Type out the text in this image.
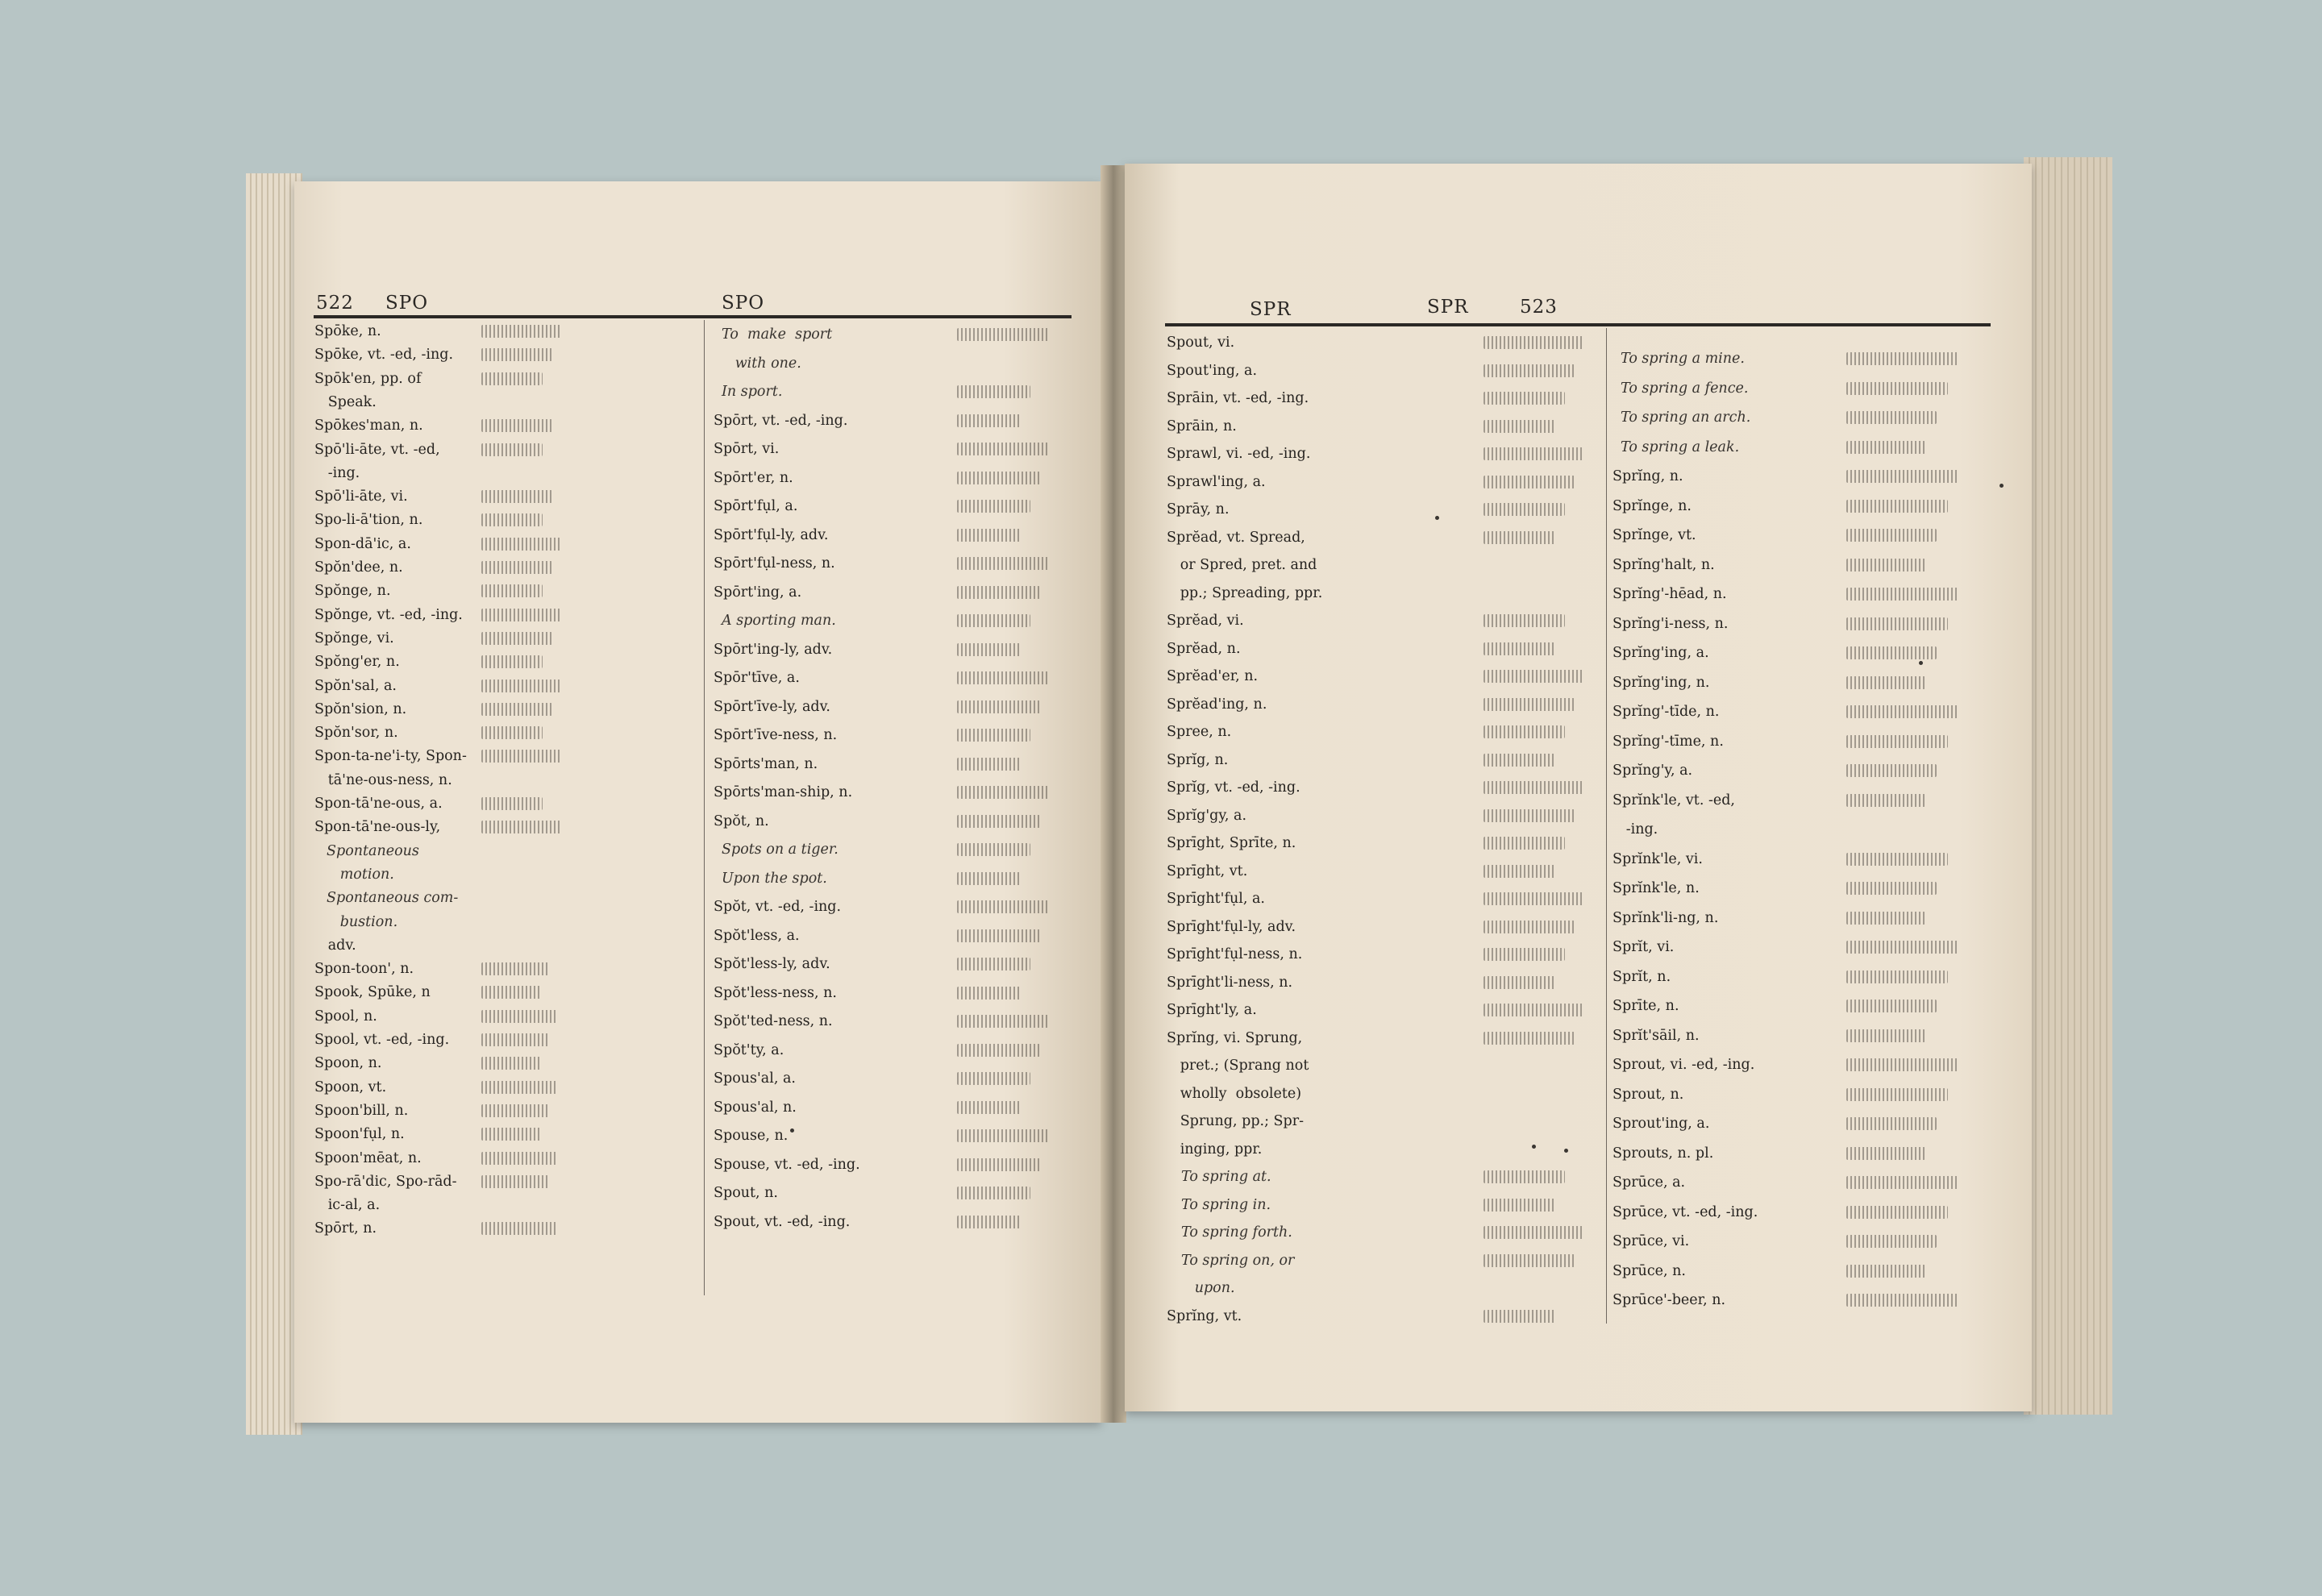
522 SPO	SPO
Spōke, n.
Spōke, vt. -ed, -ing.
Spōk'en, pp. of
Speak.
Spōkes'man, n.
Spō'li-āte, vt. -ed,
-ing.
Spō'li-āte, vi.
Spo-li-ā'tion, n.
Spon-dā'ic, a.
Spŏn'dee, n.
Spŏnge, n.
Spŏnge, vt. -ed, -ing.
Spŏnge, vi.
Spŏng'er, n.
Spŏn'sal, a.
Spŏn'sion, n.
Spŏn'sor, n.
Spon-ta-ne'i-ty, Spon-
tā'ne-ous-ness, n.
Spon-tā'ne-ous, a.
Spon-tā'ne-ous-ly,
adv.
Spon-toon', n.
Spook, Spūke, n
Spool, n.
Spool, vt. -ed, -ing.
Spoon, n.
Spoon, vt.
Spoon'bill, n.
Spoon'fụl, n.
Spoon'mēat, n.
Spo-rā'dic, Spo-rād-
ic-al, a.
Spōrt, n.
Spontaneous
motion.
Spontaneous com-
bustion.
To  make  sport
with one.
In sport.
Spōrt, vt. -ed, -ing.
Spōrt, vi.
Spōrt'er, n.
Spōrt'fụl, a.
Spōrt'fụl-ly, adv.
Spōrt'fụl-ness, n.
Spōrt'ing, a.
A sporting man.
Spōrt'ing-ly, adv.
Spōr'tīve, a.
Spōrt'īve-ly, adv.
Spōrt'īve-ness, n.
Spōrts'man, n.
Spōrts'man-ship, n.
Spŏt, n.
Spots on a tiger.
Upon the spot.
Spŏt, vt. -ed, -ing.
Spŏt'less, a.
Spŏt'less-ly, adv.
Spŏt'less-ness, n.
Spŏt'ted-ness, n.
Spŏt'ty, a.
Spous'al, a.
Spous'al, n.
Spouse, n.
Spouse, vt. -ed, -ing.
Spout, n.
Spout, vt. -ed, -ing.
SPR	SPR	523
Spout, vi.
Spout'ing, a.
Sprāin, vt. -ed, -ing.
Sprāin, n.
Sprawl, vi. -ed, -ing.
Sprawl'ing, a.
Sprāy, n.
Sprĕad, vt. Spread,
or Spred, pret. and
pp.; Spreading, ppr.
Sprĕad, vi.
Sprĕad, n.
Sprĕad'er, n.
Sprĕad'ing, n.
Spree, n.
Sprĭg, n.
Sprĭg, vt. -ed, -ing.
Sprĭg'gy, a.
Sprīght, Sprīte, n.
Sprīght, vt.
Sprīght'fụl, a.
Sprīght'fụl-ly, adv.
Sprīght'fụl-ness, n.
Sprīght'li-ness, n.
Sprīght'ly, a.
Sprĭng, vi. Sprung,
pret.; (Sprang not
wholly  obsolete)
Sprung, pp.; Spr-
inging, ppr.
To spring at.
To spring in.
To spring forth.
To spring on, or
upon.
Sprĭng, vt.
To spring a mine.
To spring a fence.
To spring an arch.
To spring a leak.
Sprĭng, n.
Sprĭnge, n.
Sprĭnge, vt.
Sprĭng'halt, n.
Sprĭng'-hēad, n.
Sprĭng'i-ness, n.
Sprĭng'ing, a.
Sprĭng'ing, n.
Sprĭng'-tīde, n.
Sprĭng'-tīme, n.
Sprĭng'y, a.
Sprĭnk'le, vt. -ed,
-ing.
Sprĭnk'le, vi.
Sprĭnk'le, n.
Sprĭnk'li-ng, n.
Sprĭt, vi.
Sprĭt, n.
Sprīte, n.
Sprĭt'sāil, n.
Sprout, vi. -ed, -ing.
Sprout, n.
Sprout'ing, a.
Sprouts, n. pl.
Sprūce, a.
Sprūce, vt. -ed, -ing.
Sprūce, vi.
Sprūce, n.
Sprūce'-beer, n.
